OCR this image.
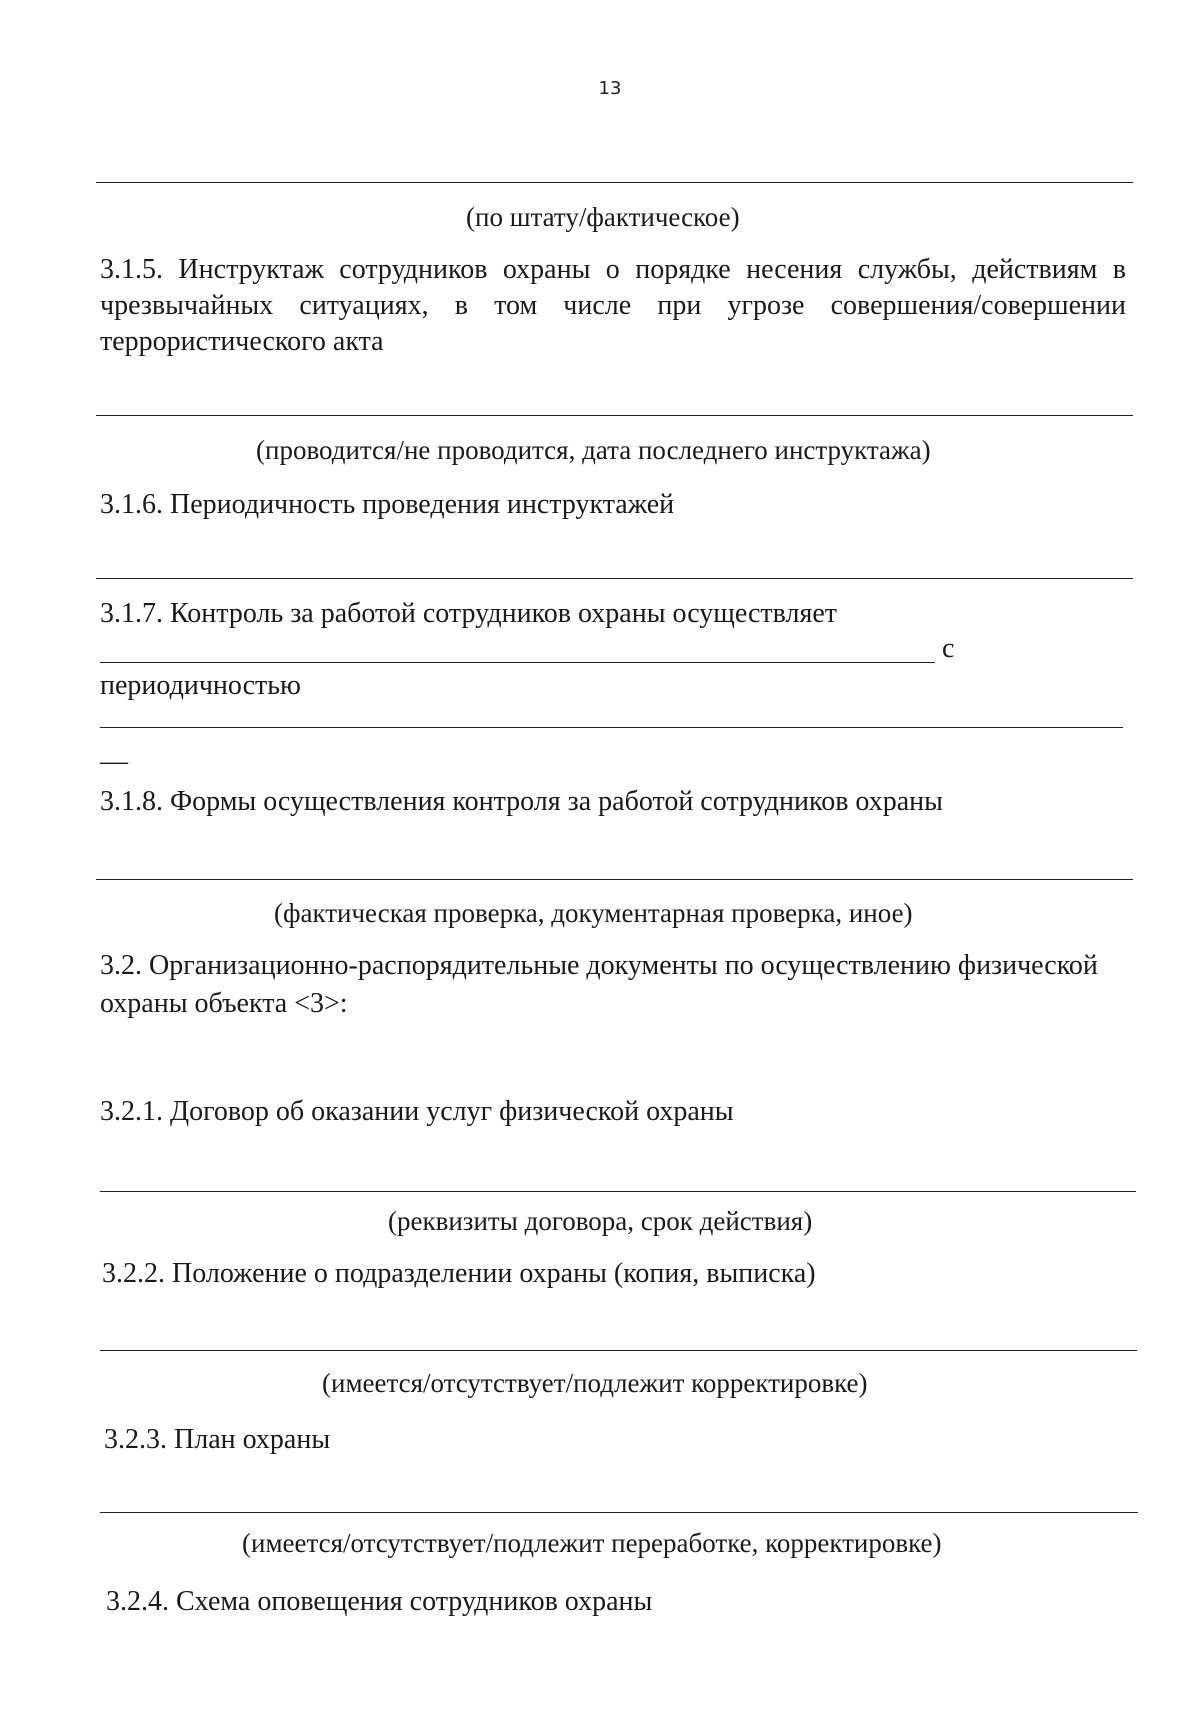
13
(по штату/фактическое)
3.1.5. Инструктаж сотрудников охраны о порядке несения службы, действиям в
чрезвычайных ситуациях, в том числе при угрозе совершения/совершении
террористического акта
(проводится/не проводится, дата последнего инструктажа)
3.1.6. Периодичность проведения инструктажей
3.1.7. Контроль за работой сотрудников охраны осуществляет
с
периодичностью
—
3.1.8. Формы осуществления контроля за работой сотрудников охраны
(фактическая проверка, документарная проверка, иное)
3.2. Организационно-распорядительные документы по осуществлению физической
охраны объекта <3>:
3.2.1. Договор об оказании услуг физической охраны
(реквизиты договора, срок действия)
3.2.2. Положение о подразделении охраны (копия, выписка)
(имеется/отсутствует/подлежит корректировке)
3.2.3. План охраны
(имеется/отсутствует/подлежит переработке, корректировке)
3.2.4. Схема оповещения сотрудников охраны
